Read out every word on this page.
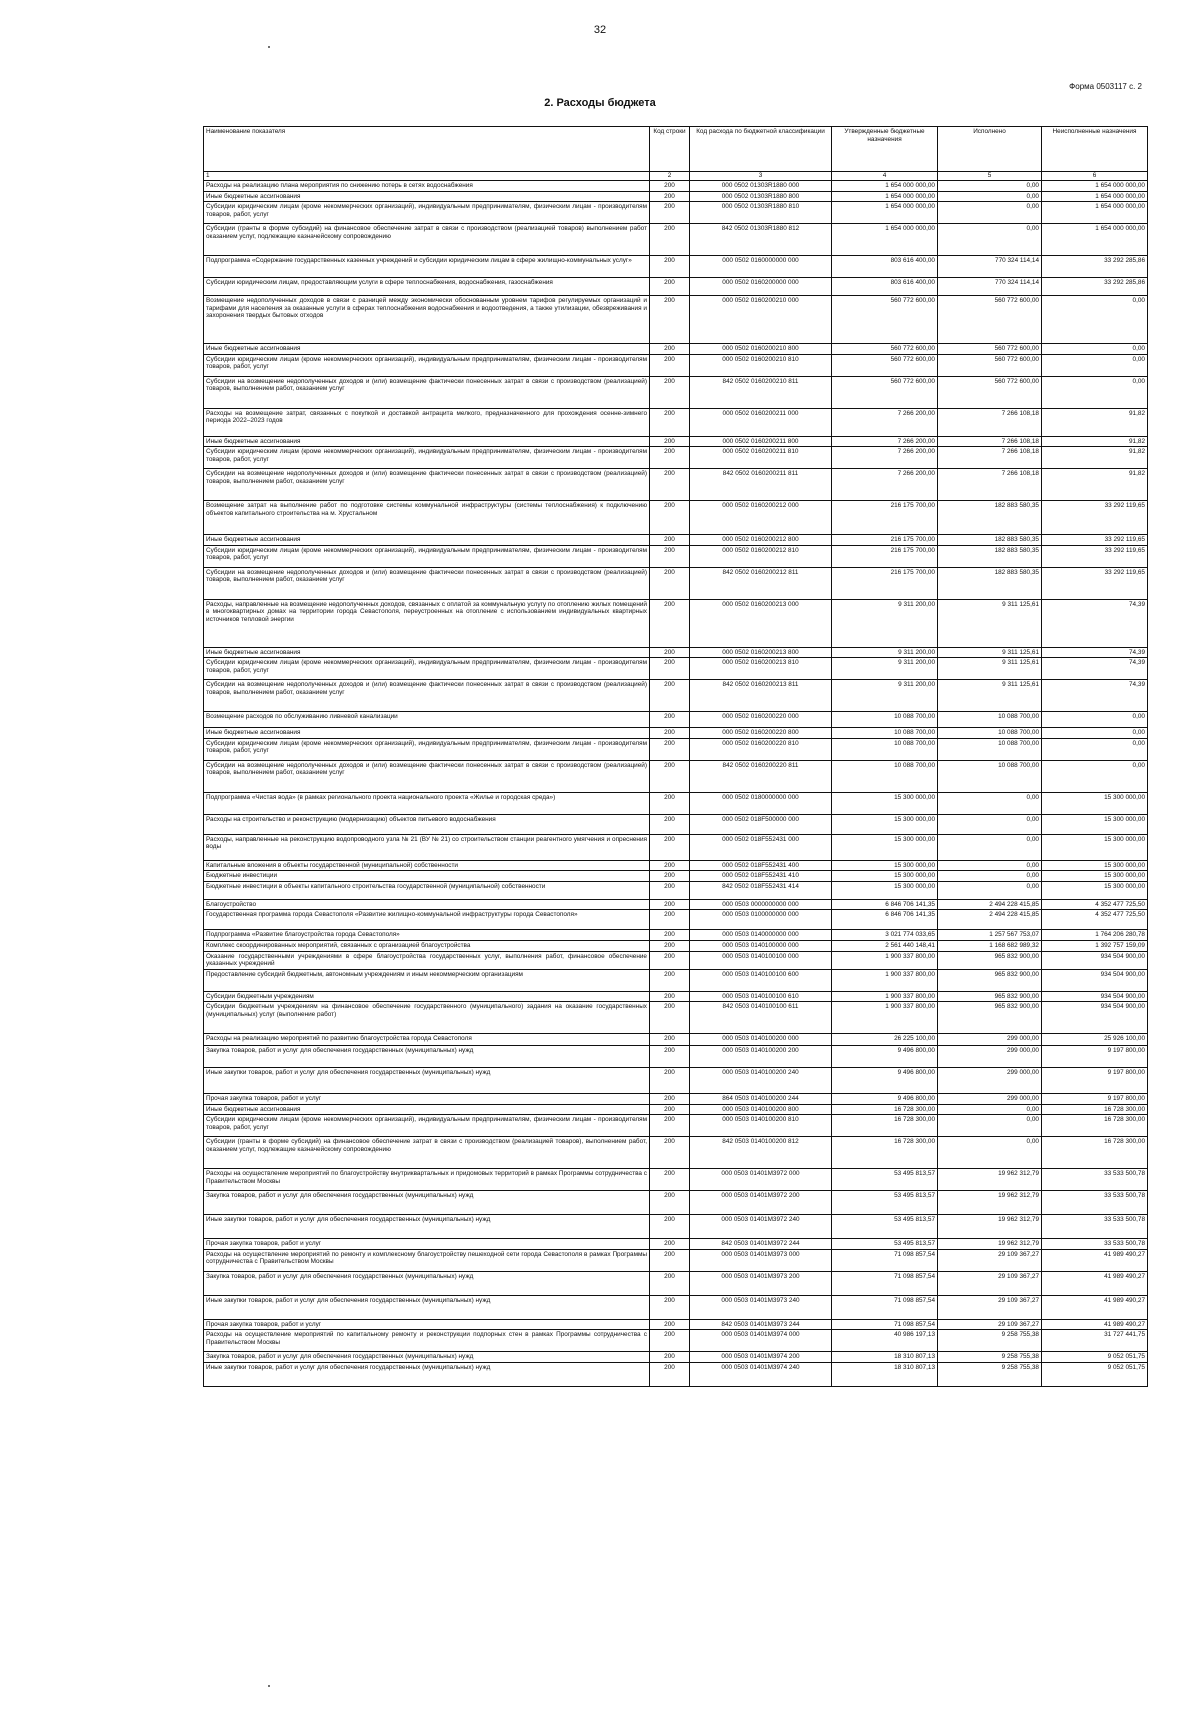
32
Форма 0503117 с. 2
2. Расходы бюджета
Наименование показателя	Код строки	Код расхода по бюджетной классификации	Утвержденные бюджетные назначения	Исполнено	Неисполненные назначения
1	2	3	4	5	6
Расходы на реализацию плана мероприятия по снижению потерь в сетях водоснабжения	200	000 0502 01303R1880 000	1 654 000 000,00	0,00	1 654 000 000,00
Иные бюджетные ассигнования	200	000 0502 01303R1880 800	1 654 000 000,00	0,00	1 654 000 000,00
Субсидии юридическим лицам (кроме некоммерческих организаций), индивидуальным предпринимателям, физическим лицам - производителям товаров, работ, услуг	200	000 0502 01303R1880 810	1 654 000 000,00	0,00	1 654 000 000,00
Субсидии (гранты в форме субсидий) на финансовое обеспечение затрат в связи с производством (реализацией товаров) выполнением работ оказанием услуг, подлежащие казначейскому сопровождению	200	842 0502 01303R1880 812	1 654 000 000,00	0,00	1 654 000 000,00
Подпрограмма «Содержание государственных казенных учреждений и субсидии юридическим лицам в сфере жилищно-коммунальных услуг»	200	000 0502 0160000000 000	803 616 400,00	770 324 114,14	33 292 285,86
Субсидии юридическим лицам, предоставляющим услуги в сфере теплоснабжения, водоснабжения, газоснабжения	200	000 0502 0160200000 000	803 616 400,00	770 324 114,14	33 292 285,86
Возмещение недополученных доходов в связи с разницей между экономически обоснованным уровнем тарифов регулируемых организаций и тарифами для населения за оказанные услуги в сферах теплоснабжения водоснабжения и водоотведения, а также утилизации, обезвреживания и захоронения твердых бытовых отходов	200	000 0502 0160200210 000	560 772 600,00	560 772 600,00	0,00
Иные бюджетные ассигнования	200	000 0502 0160200210 800	560 772 600,00	560 772 600,00	0,00
Субсидии юридическим лицам (кроме некоммерческих организаций), индивидуальным предпринимателям, физическим лицам - производителям товаров, работ, услуг	200	000 0502 0160200210 810	560 772 600,00	560 772 600,00	0,00
Субсидии на возмещение недополученных доходов и (или) возмещение фактически понесенных затрат в связи с производством (реализацией) товаров, выполнением работ, оказанием услуг	200	842 0502 0160200210 811	560 772 600,00	560 772 600,00	0,00
Расходы на возмещение затрат, связанных с покупкой и доставкой антрацита мелкого, предназначенного для прохождения осенне-зимнего периода 2022–2023 годов	200	000 0502 0160200211 000	7 266 200,00	7 266 108,18	91,82
Иные бюджетные ассигнования	200	000 0502 0160200211 800	7 266 200,00	7 266 108,18	91,82
Субсидии юридическим лицам (кроме некоммерческих организаций), индивидуальным предпринимателям, физическим лицам - производителям товаров, работ, услуг	200	000 0502 0160200211 810	7 266 200,00	7 266 108,18	91,82
Субсидии на возмещение недополученных доходов и (или) возмещение фактически понесенных затрат в связи с производством (реализацией) товаров, выполнением работ, оказанием услуг	200	842 0502 0160200211 811	7 266 200,00	7 266 108,18	91,82
Возмещение затрат на выполнение работ по подготовке системы коммунальной инфраструктуры (системы теплоснабжения) к подключению объектов капитального строительства на м. Хрустальном	200	000 0502 0160200212 000	216 175 700,00	182 883 580,35	33 292 119,65
Иные бюджетные ассигнования	200	000 0502 0160200212 800	216 175 700,00	182 883 580,35	33 292 119,65
Субсидии юридическим лицам (кроме некоммерческих организаций), индивидуальным предпринимателям, физическим лицам - производителям товаров, работ, услуг	200	000 0502 0160200212 810	216 175 700,00	182 883 580,35	33 292 119,65
Субсидии на возмещение недополученных доходов и (или) возмещение фактически понесенных затрат в связи с производством (реализацией) товаров, выполнением работ, оказанием услуг	200	842 0502 0160200212 811	216 175 700,00	182 883 580,35	33 292 119,65
Расходы, направленные на возмещение недополученных доходов, связанных с оплатой за коммунальную услугу по отоплению жилых помещений в многоквартирных домах на территории города Севастополя, переустроенных на отопление с использованием индивидуальных квартирных источников тепловой энергии	200	000 0502 0160200213 000	9 311 200,00	9 311 125,61	74,39
Иные бюджетные ассигнования	200	000 0502 0160200213 800	9 311 200,00	9 311 125,61	74,39
Субсидии юридическим лицам (кроме некоммерческих организаций), индивидуальным предпринимателям, физическим лицам - производителям товаров, работ, услуг	200	000 0502 0160200213 810	9 311 200,00	9 311 125,61	74,39
Субсидии на возмещение недополученных доходов и (или) возмещение фактически понесенных затрат в связи с производством (реализацией) товаров, выполнением работ, оказанием услуг	200	842 0502 0160200213 811	9 311 200,00	9 311 125,61	74,39
Возмещение расходов по обслуживанию ливневой канализации	200	000 0502 0160200220 000	10 088 700,00	10 088 700,00	0,00
Иные бюджетные ассигнования	200	000 0502 0160200220 800	10 088 700,00	10 088 700,00	0,00
Субсидии юридическим лицам (кроме некоммерческих организаций), индивидуальным предпринимателям, физическим лицам - производителям товаров, работ, услуг	200	000 0502 0160200220 810	10 088 700,00	10 088 700,00	0,00
Субсидии на возмещение недополученных доходов и (или) возмещение фактически понесенных затрат в связи с производством (реализацией) товаров, выполнением работ, оказанием услуг	200	842 0502 0160200220 811	10 088 700,00	10 088 700,00	0,00
Подпрограмма «Чистая вода» (в рамках регионального проекта национального проекта «Жилье и городская среда»)	200	000 0502 0180000000 000	15 300 000,00	0,00	15 300 000,00
Расходы на строительство и реконструкцию (модернизацию) объектов питьевого водоснабжения	200	000 0502 018F500000 000	15 300 000,00	0,00	15 300 000,00
Расходы, направленные на реконструкцию водопроводного узла № 21 (ВУ № 21) со строительством станции реагентного умягчения и опреснения воды	200	000 0502 018F552431 000	15 300 000,00	0,00	15 300 000,00
Капитальные вложения в объекты государственной (муниципальной) собственности	200	000 0502 018F552431 400	15 300 000,00	0,00	15 300 000,00
Бюджетные инвестиции	200	000 0502 018F552431 410	15 300 000,00	0,00	15 300 000,00
Бюджетные инвестиции в объекты капитального строительства государственной (муниципальной) собственности	200	842 0502 018F552431 414	15 300 000,00	0,00	15 300 000,00
Благоустройство	200	000 0503 0000000000 000	6 846 706 141,35	2 494 228 415,85	4 352 477 725,50
Государственная программа города Севастополя «Развитие жилищно-коммунальной инфраструктуры города Севастополя»	200	000 0503 0100000000 000	6 846 706 141,35	2 494 228 415,85	4 352 477 725,50
Подпрограмма «Развитие благоустройства города Севастополя»	200	000 0503 0140000000 000	3 021 774 033,65	1 257 567 753,07	1 764 206 280,78
Комплекс скоординированных мероприятий, связанных с организацией благоустройства	200	000 0503 0140100000 000	2 561 440 148,41	1 168 682 989,32	1 392 757 159,09
Оказание государственными учреждениями в сфере благоустройства государственных услуг, выполнения работ, финансовое обеспечение указанных учреждений	200	000 0503 0140100100 000	1 900 337 800,00	965 832 900,00	934 504 900,00
Предоставление субсидий бюджетным, автономным учреждениям и иным некоммерческим организациям	200	000 0503 0140100100 600	1 900 337 800,00	965 832 900,00	934 504 900,00
Субсидии бюджетным учреждениям	200	000 0503 0140100100 610	1 900 337 800,00	965 832 900,00	934 504 900,00
Субсидии бюджетным учреждениям на финансовое обеспечение государственного (муниципального) задания на оказание государственных (муниципальных) услуг (выполнение работ)	200	842 0503 0140100100 611	1 900 337 800,00	965 832 900,00	934 504 900,00
Расходы на реализацию мероприятий по развитию благоустройства города Севастополя	200	000 0503 0140100200 000	26 225 100,00	299 000,00	25 926 100,00
Закупка товаров, работ и услуг для обеспечения государственных (муниципальных) нужд	200	000 0503 0140100200 200	9 496 800,00	299 000,00	9 197 800,00
Иные закупки товаров, работ и услуг для обеспечения государственных (муниципальных) нужд	200	000 0503 0140100200 240	9 496 800,00	299 000,00	9 197 800,00
Прочая закупка товаров, работ и услуг	200	864 0503 0140100200 244	9 496 800,00	299 000,00	9 197 800,00
Иные бюджетные ассигнования	200	000 0503 0140100200 800	16 728 300,00	0,00	16 728 300,00
Субсидии юридическим лицам (кроме некоммерческих организаций), индивидуальным предпринимателям, физическим лицам - производителям товаров, работ, услуг	200	000 0503 0140100200 810	16 728 300,00	0,00	16 728 300,00
Субсидии (гранты в форме субсидий) на финансовое обеспечение затрат в связи с производством (реализацией товаров), выполнением работ, оказанием услуг, подлежащие казначейскому сопровождению	200	842 0503 0140100200 812	16 728 300,00	0,00	16 728 300,00
Расходы на осуществление мероприятий по благоустройству внутриквартальных и придомовых территорий в рамках Программы сотрудничества с Правительством Москвы	200	000 0503 01401M3972 000	53 495 813,57	19 962 312,79	33 533 500,78
Закупка товаров, работ и услуг для обеспечения государственных (муниципальных) нужд	200	000 0503 01401M3972 200	53 495 813,57	19 962 312,79	33 533 500,78
Иные закупки товаров, работ и услуг для обеспечения государственных (муниципальных) нужд	200	000 0503 01401M3972 240	53 495 813,57	19 962 312,79	33 533 500,78
Прочая закупка товаров, работ и услуг	200	842 0503 01401M3972 244	53 495 813,57	19 962 312,79	33 533 500,78
Расходы на осуществление мероприятий по ремонту и комплексному благоустройству пешеходной сети города Севастополя в рамках Программы сотрудничества с Правительством Москвы	200	000 0503 01401M3973 000	71 098 857,54	29 109 367,27	41 989 490,27
Закупка товаров, работ и услуг для обеспечения государственных (муниципальных) нужд	200	000 0503 01401M3973 200	71 098 857,54	29 109 367,27	41 989 490,27
Иные закупки товаров, работ и услуг для обеспечения государственных (муниципальных) нужд	200	000 0503 01401M3973 240	71 098 857,54	29 109 367,27	41 989 490,27
Прочая закупка товаров, работ и услуг	200	842 0503 01401M3973 244	71 098 857,54	29 109 367,27	41 989 490,27
Расходы на осуществление мероприятий по капитальному ремонту и реконструкции подпорных стен в рамках Программы сотрудничества с Правительством Москвы	200	000 0503 01401M3974 000	40 986 197,13	9 258 755,38	31 727 441,75
Закупка товаров, работ и услуг для обеспечения государственных (муниципальных) нужд	200	000 0503 01401M3974 200	18 310 807,13	9 258 755,38	9 052 051,75
Иные закупки товаров, работ и услуг для обеспечения государственных (муниципальных) нужд	200	000 0503 01401M3974 240	18 310 807,13	9 258 755,38	9 052 051,75
